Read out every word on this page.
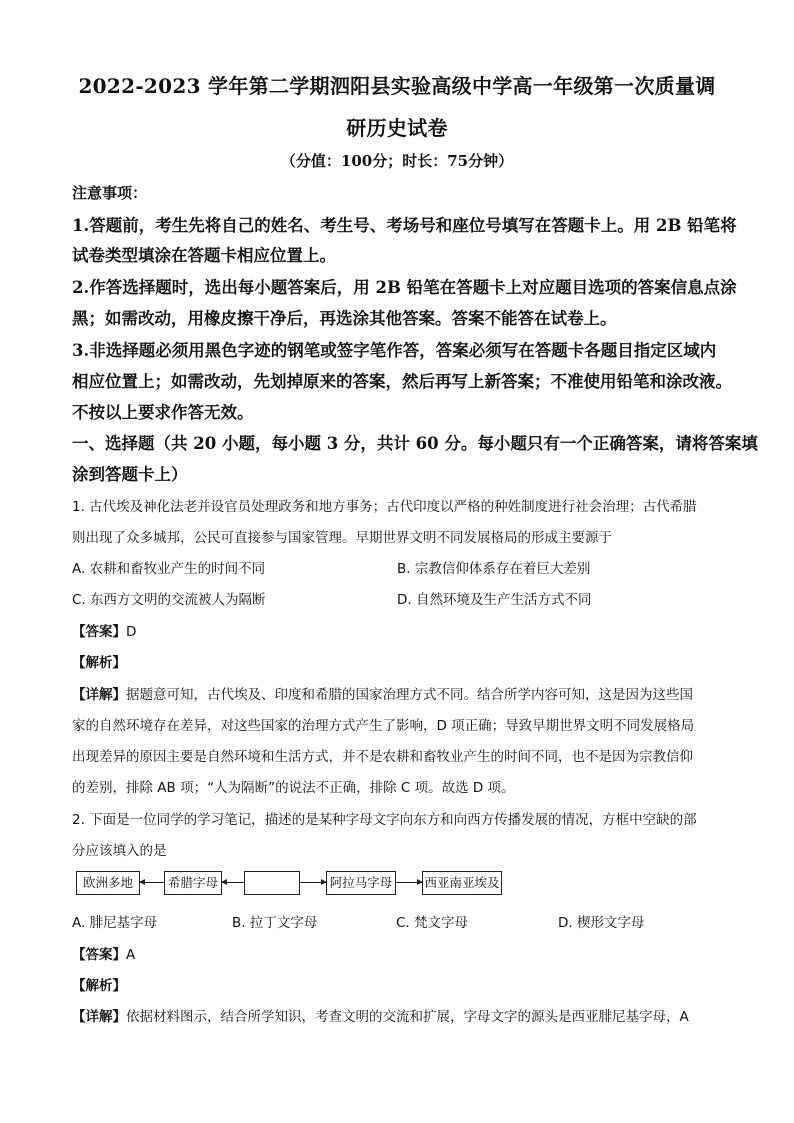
2022-2023 学年第二学期泗阳县实验高级中学高一年级第一次质量调
研历史试卷
（分值：100分；时长：75分钟）
注意事项：
1.答题前，考生先将自己的姓名、考生号、考场号和座位号填写在答题卡上。用 2B 铅笔将
试卷类型填涂在答题卡相应位置上。
2.作答选择题时，选出每小题答案后，用 2B 铅笔在答题卡上对应题目选项的答案信息点涂
黑；如需改动，用橡皮擦干净后，再选涂其他答案。答案不能答在试卷上。
3.非选择题必须用黑色字迹的钢笔或签字笔作答，答案必须写在答题卡各题目指定区域内
相应位置上；如需改动，先划掉原来的答案，然后再写上新答案；不准使用铅笔和涂改液。
不按以上要求作答无效。
一、选择题（共 20 小题，每小题 3 分，共计 60 分。每小题只有一个正确答案，请将答案填
涂到答题卡上）
1. 古代埃及神化法老并设官员处理政务和地方事务；古代印度以严格的种姓制度进行社会治理；古代希腊
则出现了众多城邦，公民可直接参与国家管理。早期世界文明不同发展格局的形成主要源于
A. 农耕和畜牧业产生的时间不同	B. 宗教信仰体系存在着巨大差别
C. 东西方文明的交流被人为隔断	D. 自然环境及生产生活方式不同
【答案】D
【解析】
【详解】据题意可知，古代埃及、印度和希腊的国家治理方式不同。结合所学内容可知，这是因为这些国
家的自然环境存在差异，对这些国家的治理方式产生了影响，D 项正确；导致早期世界文明不同发展格局
出现差异的原因主要是自然环境和生活方式，并不是农耕和畜牧业产生的时间不同，也不是因为宗教信仰
的差别，排除 AB 项；“人为隔断”的说法不正确，排除 C 项。故选 D 项。
2. 下面是一位同学的学习笔记，描述的是某种字母文字向东方和向西方传播发展的情况，方框中空缺的部
分应该填入的是
欧洲多地	希腊字母	阿拉马字母	西亚南亚埃及
A. 腓尼基字母	B. 拉丁文字母	C. 梵文字母	D. 楔形文字母
【答案】A
【解析】
【详解】依据材料图示，结合所学知识，考查文明的交流和扩展，字母文字的源头是西亚腓尼基字母，A
